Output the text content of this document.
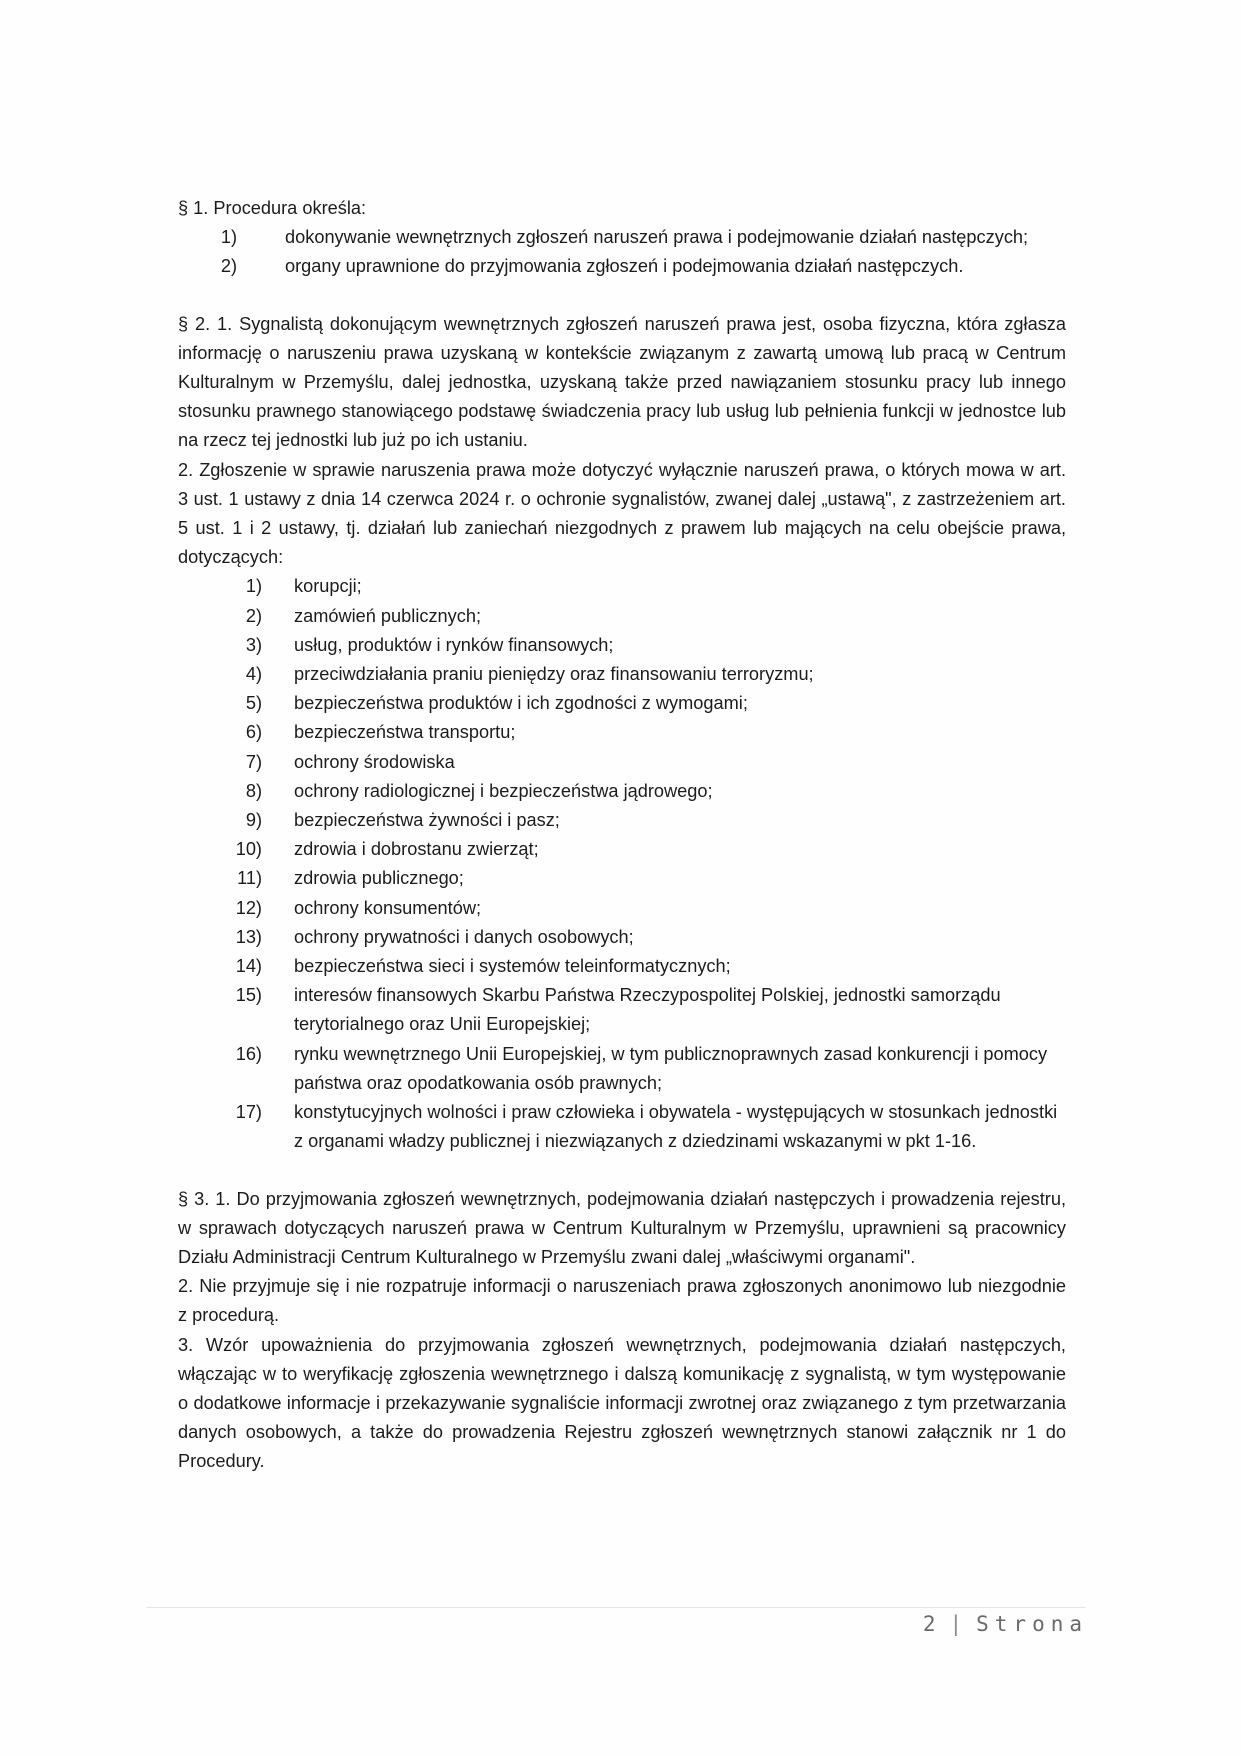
§ 1. Procedura określa:

1)	dokonywanie wewnętrznych zgłoszeń naruszeń prawa i podejmowanie działań następczych;
2)	organy uprawnione do przyjmowania zgłoszeń i podejmowania działań następczych.

§ 2. 1. Sygnalistą dokonującym wewnętrznych zgłoszeń naruszeń prawa jest, osoba fizyczna, która zgłasza informację o naruszeniu prawa uzyskaną w kontekście związanym z zawartą umową lub pracą w Centrum Kulturalnym w Przemyślu, dalej jednostka, uzyskaną także przed nawiązaniem stosunku pracy lub innego stosunku prawnego stanowiącego podstawę świadczenia pracy lub usług lub pełnienia funkcji w jednostce lub na rzecz tej jednostki lub już po ich ustaniu.

2. Zgłoszenie w sprawie naruszenia prawa może dotyczyć wyłącznie naruszeń prawa, o których mowa w art. 3 ust. 1 ustawy z dnia 14 czerwca 2024 r. o ochronie sygnalistów, zwanej dalej „ustawą", z zastrzeżeniem art. 5 ust. 1 i 2 ustawy, tj. działań lub zaniechań niezgodnych z prawem lub mających na celu obejście prawa, dotyczących:

1)	korupcji;
2)	zamówień publicznych;
3)	usług, produktów i rynków finansowych;
4)	przeciwdziałania praniu pieniędzy oraz finansowaniu terroryzmu;
5)	bezpieczeństwa produktów i ich zgodności z wymogami;
6)	bezpieczeństwa transportu;
7)	ochrony środowiska
8)	ochrony radiologicznej i bezpieczeństwa jądrowego;
9)	bezpieczeństwa żywności i pasz;
10)	zdrowia i dobrostanu zwierząt;
11)	zdrowia publicznego;
12)	ochrony konsumentów;
13)	ochrony prywatności i danych osobowych;
14)	bezpieczeństwa sieci i systemów teleinformatycznych;
15)	interesów finansowych Skarbu Państwa Rzeczypospolitej Polskiej, jednostki samorządu terytorialnego oraz Unii Europejskiej;
16)	rynku wewnętrznego Unii Europejskiej, w tym publicznoprawnych zasad konkurencji i pomocy państwa oraz opodatkowania osób prawnych;
17)	konstytucyjnych wolności i praw człowieka i obywatela - występujących w stosunkach jednostki z organami władzy publicznej i niezwiązanych z dziedzinami wskazanymi w pkt 1-16.

§ 3. 1. Do przyjmowania zgłoszeń wewnętrznych, podejmowania działań następczych i prowadzenia rejestru, w sprawach dotyczących naruszeń prawa w Centrum Kulturalnym w Przemyślu, uprawnieni są pracownicy Działu Administracji Centrum Kulturalnego w Przemyślu zwani dalej „właściwymi organami".

2. Nie przyjmuje się i nie rozpatruje informacji o naruszeniach prawa zgłoszonych anonimowo lub niezgodnie z procedurą.

3. Wzór upoważnienia do przyjmowania zgłoszeń wewnętrznych, podejmowania działań następczych, włączając w to weryfikację zgłoszenia wewnętrznego i dalszą komunikację z sygnalistą, w tym występowanie o dodatkowe informacje i przekazywanie sygnaliście informacji zwrotnej oraz związanego z tym przetwarzania danych osobowych, a także do prowadzenia Rejestru zgłoszeń wewnętrznych stanowi załącznik nr 1 do Procedury.

2 | Strona
